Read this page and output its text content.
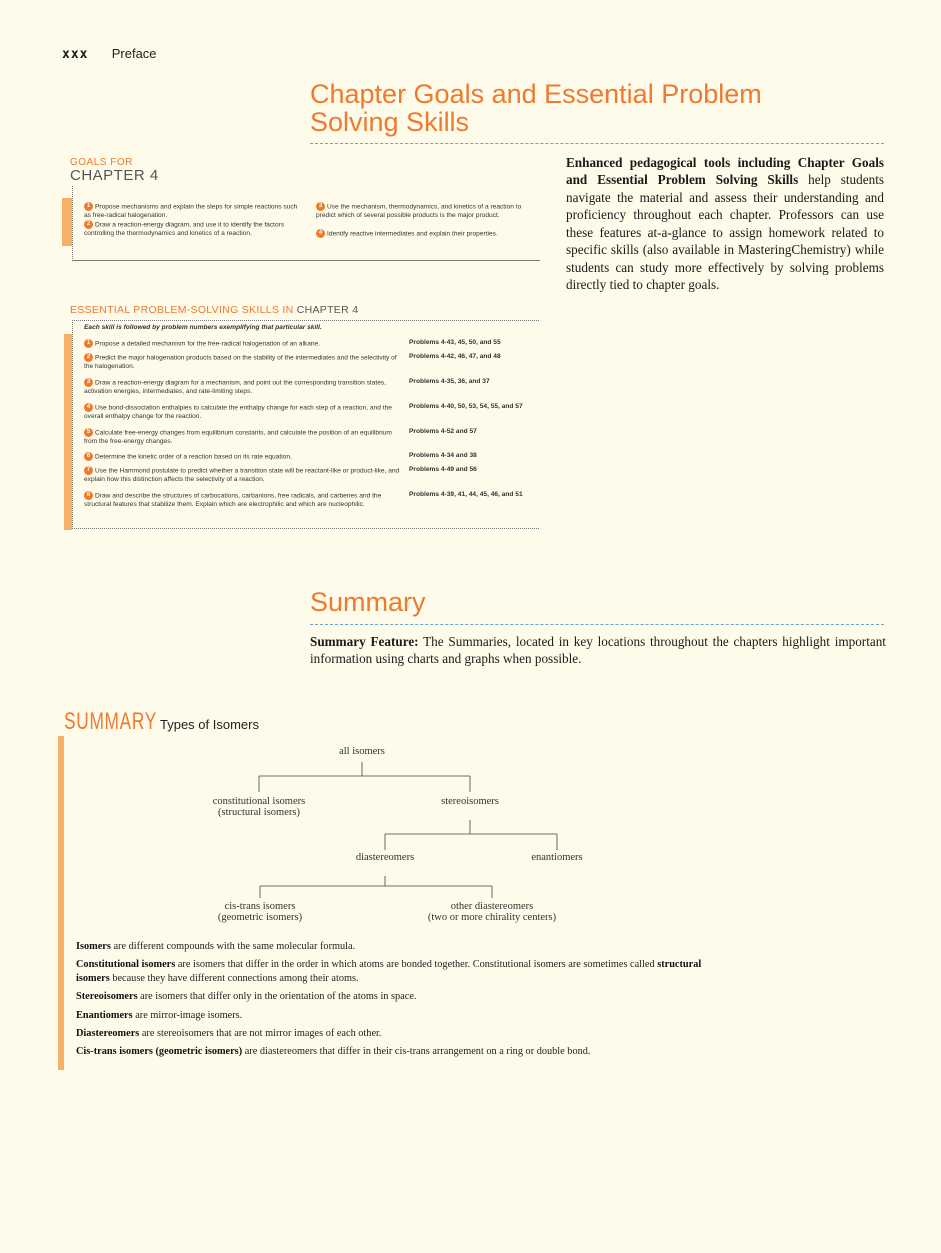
xxx Preface
Chapter Goals and Essential Problem
Solving Skills
Enhanced pedagogical tools including Chapter Goals and Essential Problem Solving Skills help students navigate the material and assess their understanding and proficiency throughout each chapter. Professors can use these features at-a-glance to assign homework related to specific skills (also available in MasteringChemistry) while students can study more effectively by solving problems directly tied to chapter goals.
GOALS FOR
CHAPTER 4
1 Propose mechanisms and explain the steps for simple reactions such as free-radical halogenation.
2 Draw a reaction-energy diagram, and use it to identify the factors controlling the thermodynamics and kinetics of a reaction.
3 Use the mechanism, thermodynamics, and kinetics of a reaction to predict which of several possible products is the major product.
4 Identify reactive intermediates and explain their properties.
ESSENTIAL PROBLEM-SOLVING SKILLS IN CHAPTER 4
Each skill is followed by problem numbers exemplifying that particular skill.
1 Propose a detailed mechanism for the free-radical halogenation of an alkane.	Problems 4-43, 45, 50, and 55
2 Predict the major halogenation products based on the stability of the intermediates and the selectivity of the halogenation.
Problems 4-42, 46, 47, and 48
3 Draw a reaction-energy diagram for a mechanism, and point out the corresponding transition states, activation energies, intermediates, and rate-limiting steps.
Problems 4-35, 36, and 37
4 Use bond-dissociation enthalpies to calculate the enthalpy change for each step of a reaction, and the overall enthalpy change for the reaction.
Problems 4-40, 50, 53, 54, 55, and 57
5 Calculate free-energy changes from equilibrium constants, and calculate the position of an equilibrium from the free-energy changes.
Problems 4-52 and 57
6 Determine the kinetic order of a reaction based on its rate equation.	Problems 4-34 and 38
7 Use the Hammond postulate to predict whether a transition state will be reactant-like or product-like, and explain how this distinction affects the selectivity of a reaction.
Problems 4-49 and 56
8 Draw and describe the structures of carbocations, carbanions, free radicals, and carbenes and the structural features that stabilize them. Explain which are electrophilic and which are nucleophilic.
Problems 4-39, 41, 44, 45, 46, and 51
Summary
Summary Feature: The Summaries, located in key locations throughout the chapters highlight important information using charts and graphs when possible.
SUMMARY Types of Isomers
all isomers
constitutional isomers
(structural isomers)
stereoisomers
diastereomers	enantiomers
cis-trans isomers
(geometric isomers)
other diastereomers
(two or more chirality centers)

Isomers are different compounds with the same molecular formula.

Constitutional isomers are isomers that differ in the order in which atoms are bonded together. Constitutional isomers are sometimes called structural isomers because they have different connections among their atoms.

Stereoisomers are isomers that differ only in the orientation of the atoms in space.

Enantiomers are mirror-image isomers.

Diastereomers are stereoisomers that are not mirror images of each other.

Cis-trans isomers (geometric isomers) are diastereomers that differ in their cis-trans arrangement on a ring or double bond.
